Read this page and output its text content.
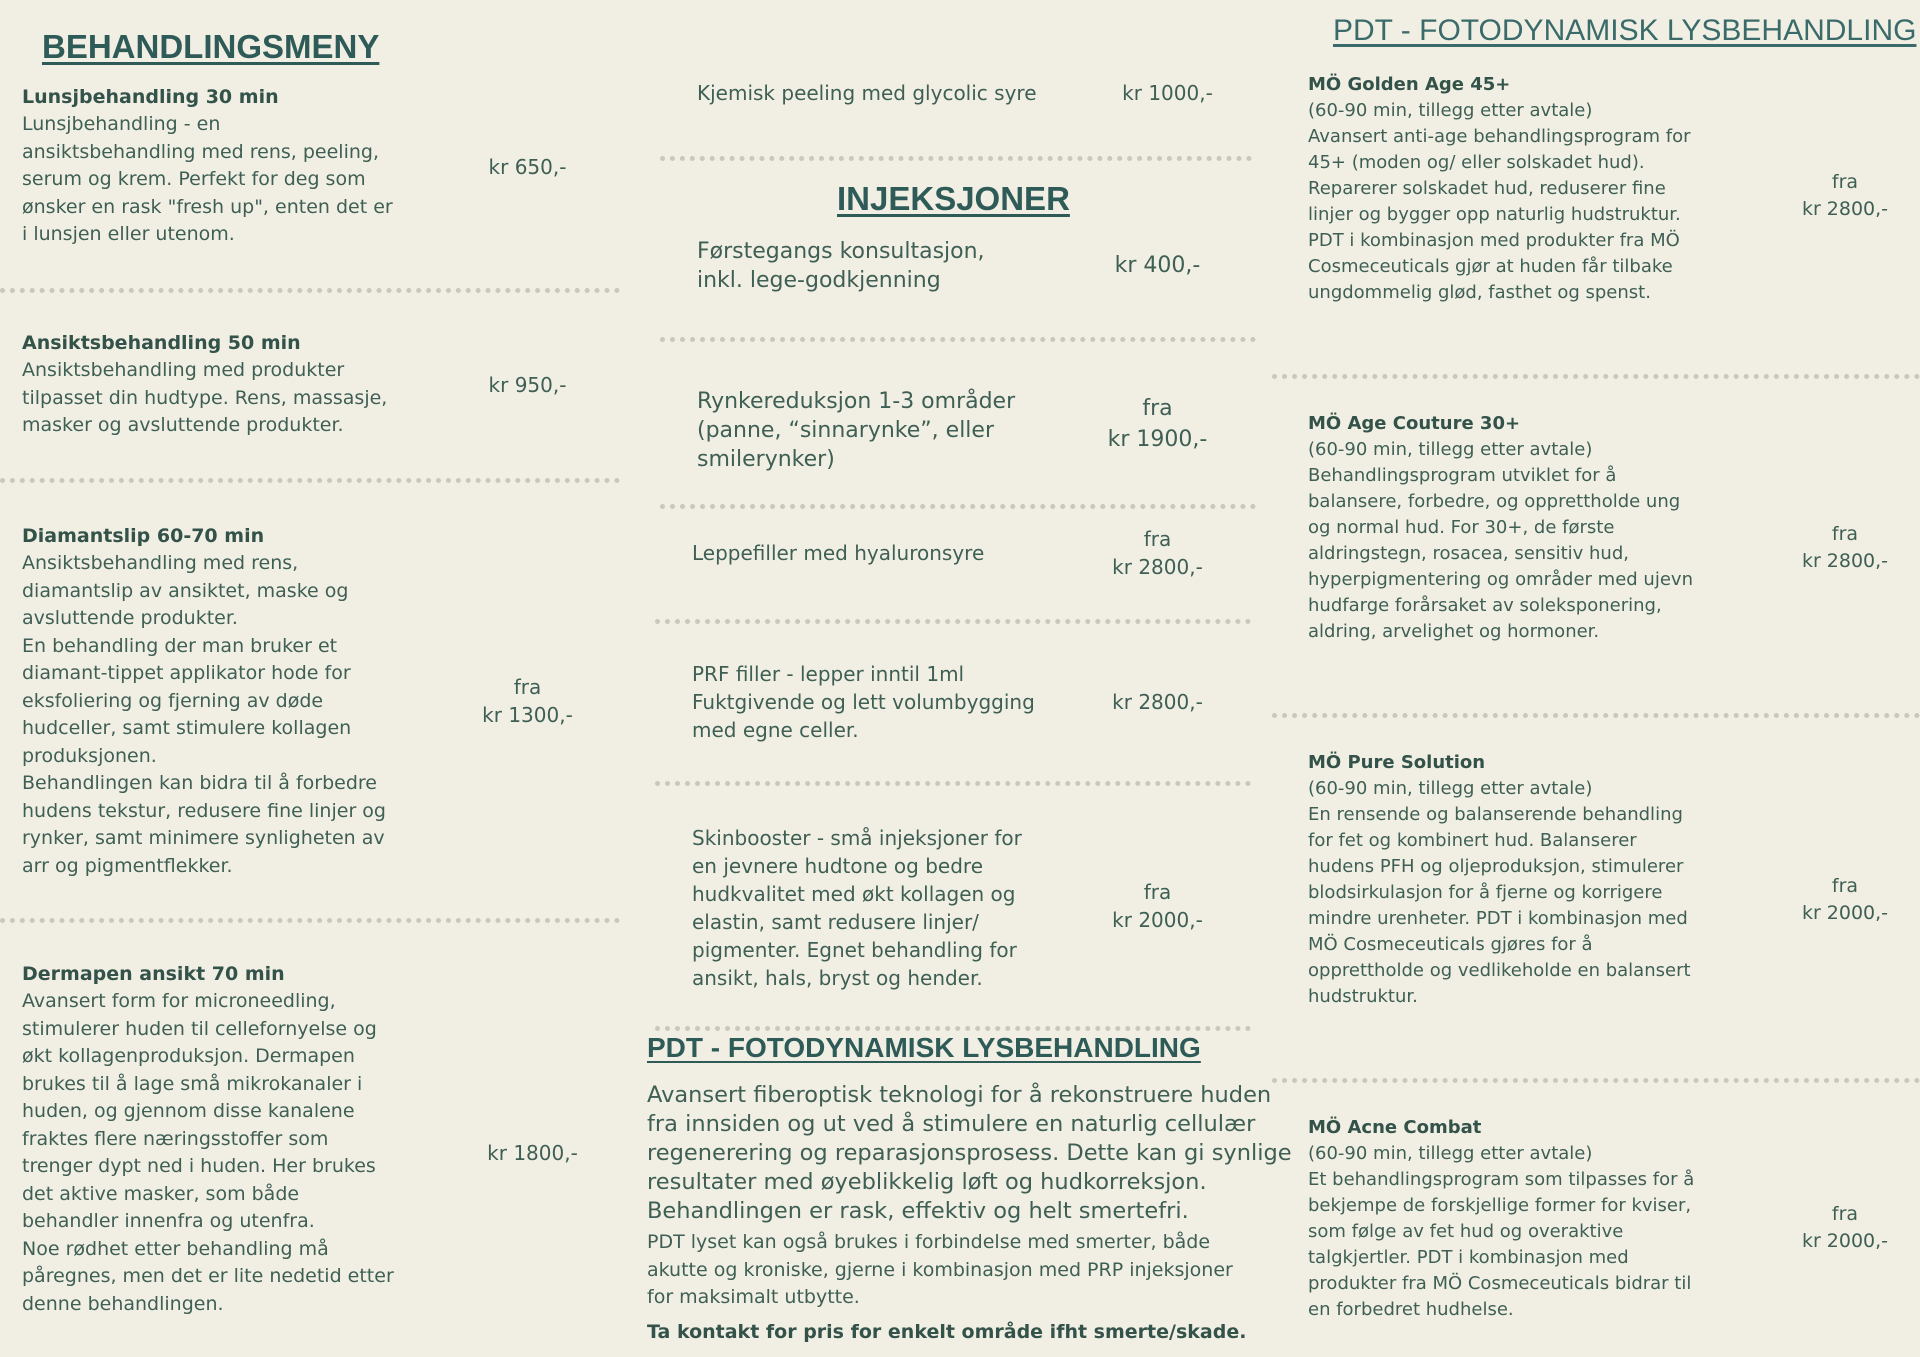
BEHANDLINGSMENY
Lunsjbehandling 30 min
Lunsjbehandling - en
ansiktsbehandling med rens, peeling,
serum og krem. Perfekt for deg som
ønsker en rask "fresh up", enten det er
i lunsjen eller utenom.
kr 650,-
Ansiktsbehandling 50 min
Ansiktsbehandling med produkter
tilpasset din hudtype. Rens, massasje,
masker og avsluttende produkter.
kr 950,-
Diamantslip 60-70 min
Ansiktsbehandling med rens,
diamantslip av ansiktet, maske og
avsluttende produkter.
En behandling der man bruker et
diamant-tippet applikator hode for
eksfoliering og fjerning av døde
hudceller, samt stimulere kollagen
produksjonen.
Behandlingen kan bidra til å forbedre
hudens tekstur, redusere fine linjer og
rynker, samt minimere synligheten av
arr og pigmentflekker.
fra
kr 1300,-
Dermapen ansikt 70 min
Avansert form for microneedling,
stimulerer huden til cellefornyelse og
økt kollagenproduksjon. Dermapen
brukes til å lage små mikrokanaler i
huden, og gjennom disse kanalene
fraktes flere næringsstoffer som
trenger dypt ned i huden. Her brukes
det aktive masker, som både
behandler innenfra og utenfra.
Noe rødhet etter behandling må
påregnes, men det er lite nedetid etter
denne behandlingen.
kr 1800,-
Kjemisk peeling med glycolic syre	kr 1000,-
INJEKSJONER
Førstegangs konsultasjon,
inkl. lege-godkjenning
kr 400,-
Rynkereduksjon 1-3 områder
(panne, “sinnarynke”, eller
smilerynker)
fra
kr 1900,-
Leppefiller med hyaluronsyre
fra
kr 2800,-
PRF filler - lepper inntil 1ml
Fuktgivende og lett volumbygging
med egne celler.
kr 2800,-
Skinbooster - små injeksjoner for
en jevnere hudtone og bedre
hudkvalitet med økt kollagen og
elastin, samt redusere linjer/
pigmenter. Egnet behandling for
ansikt, hals, bryst og hender.
fra
kr 2000,-
PDT - FOTODYNAMISK LYSBEHANDLING
Avansert fiberoptisk teknologi for å rekonstruere huden
fra innsiden og ut ved å stimulere en naturlig cellulær
regenerering og reparasjonsprosess. Dette kan gi synlige
resultater med øyeblikkelig løft og hudkorreksjon.
Behandlingen er rask, effektiv og helt smertefri.
PDT lyset kan også brukes i forbindelse med smerter, både
akutte og kroniske, gjerne i kombinasjon med PRP injeksjoner
for maksimalt utbytte.
Ta kontakt for pris for enkelt område ifht smerte/skade.
PDT - FOTODYNAMISK LYSBEHANDLING
MÖ Golden Age 45+
(60-90 min, tillegg etter avtale)
Avansert anti-age behandlingsprogram for
45+ (moden og/ eller solskadet hud).
Reparerer solskadet hud, reduserer fine
linjer og bygger opp naturlig hudstruktur.
PDT i kombinasjon med produkter fra MÖ
Cosmeceuticals gjør at huden får tilbake
ungdommelig glød, fasthet og spenst.
fra
kr 2800,-
MÖ Age Couture 30+
(60-90 min, tillegg etter avtale)
Behandlingsprogram utviklet for å
balansere, forbedre, og opprettholde ung
og normal hud. For 30+, de første
aldringstegn, rosacea, sensitiv hud,
hyperpigmentering og områder med ujevn
hudfarge forårsaket av soleksponering,
aldring, arvelighet og hormoner.
fra
kr 2800,-
MÖ Pure Solution
(60-90 min, tillegg etter avtale)
En rensende og balanserende behandling
for fet og kombinert hud. Balanserer
hudens PFH og oljeproduksjon, stimulerer
blodsirkulasjon for å fjerne og korrigere
mindre urenheter. PDT i kombinasjon med
MÖ Cosmeceuticals gjøres for å
opprettholde og vedlikeholde en balansert
hudstruktur.
fra
kr 2000,-
MÖ Acne Combat
(60-90 min, tillegg etter avtale)
Et behandlingsprogram som tilpasses for å
bekjempe de forskjellige former for kviser,
som følge av fet hud og overaktive
talgkjertler. PDT i kombinasjon med
produkter fra MÖ Cosmeceuticals bidrar til
en forbedret hudhelse.
fra
kr 2000,-
